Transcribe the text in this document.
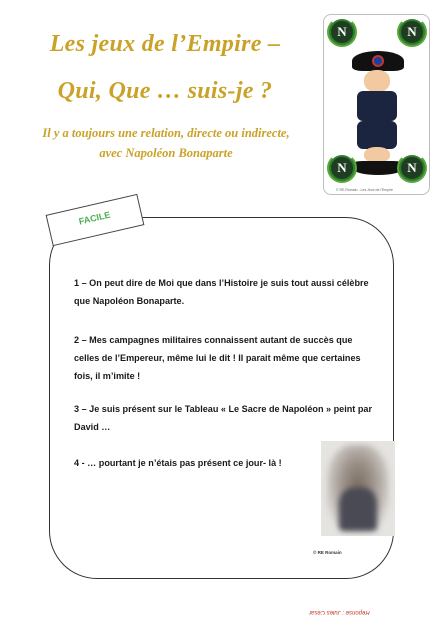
Les jeux de l’Empire –
Qui, Que … suis-je ?
Il y a toujours une relation, directe ou indirecte,
avec Napoléon Bonaparte
N	N
N	N
© RE Romain - Les Jeux de l'Empire
FACILE
1 – On peut dire de Moi que dans l’Histoire je suis tout aussi célèbre que Napoléon Bonaparte.
2 – Mes campagnes militaires connaissent autant de succès que celles de l’Empereur, même lui le dit ! Il parait même que certaines fois, il m’imite !
3 – Je suis présent sur le Tableau « Le Sacre de Napoléon » peint par David …
4 - … pourtant je n’étais pas présent ce jour- là !
© RE Romain
Réponse : Jules César
